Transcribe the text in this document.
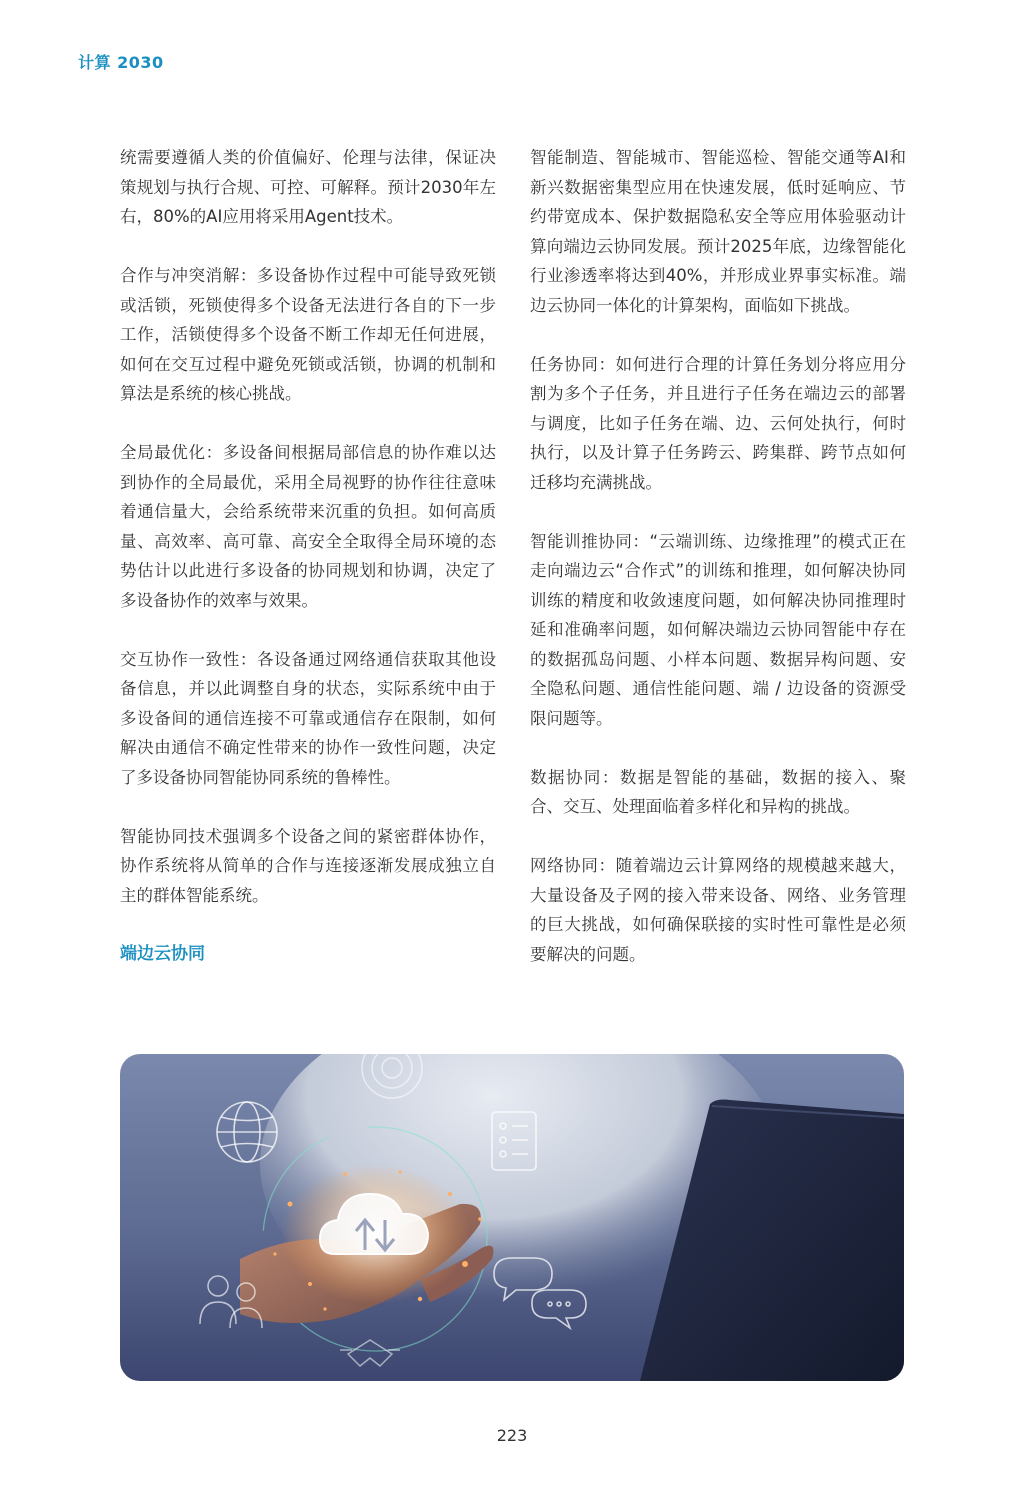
计算 2030

统需要遵循人类的价值偏好、伦理与法律，保证决策规划与执行合规、可控、可解释。预计2030年左右，80%的AI应用将采用Agent技术。

合作与冲突消解：多设备协作过程中可能导致死锁或活锁，死锁使得多个设备无法进行各自的下一步工作，活锁使得多个设备不断工作却无任何进展，如何在交互过程中避免死锁或活锁，协调的机制和算法是系统的核心挑战。

全局最优化：多设备间根据局部信息的协作难以达到协作的全局最优，采用全局视野的协作往往意味着通信量大，会给系统带来沉重的负担。如何高质量、高效率、高可靠、高安全全取得全局环境的态势估计以此进行多设备的协同规划和协调，决定了多设备协作的效率与效果。

交互协作一致性：各设备通过网络通信获取其他设备信息，并以此调整自身的状态，实际系统中由于多设备间的通信连接不可靠或通信存在限制，如何解决由通信不确定性带来的协作一致性问题，决定了多设备协同智能协同系统的鲁棒性。

智能协同技术强调多个设备之间的紧密群体协作，协作系统将从简单的合作与连接逐渐发展成独立自主的群体智能系统。

端边云协同

智能制造、智能城市、智能巡检、智能交通等AI和新兴数据密集型应用在快速发展，低时延响应、节约带宽成本、保护数据隐私安全等应用体验驱动计算向端边云协同发展。预计2025年底，边缘智能化行业渗透率将达到40%，并形成业界事实标准。端边云协同一体化的计算架构，面临如下挑战。

任务协同：如何进行合理的计算任务划分将应用分割为多个子任务，并且进行子任务在端边云的部署与调度，比如子任务在端、边、云何处执行，何时执行，以及计算子任务跨云、跨集群、跨节点如何迁移均充满挑战。

智能训推协同：“云端训练、边缘推理”的模式正在走向端边云“合作式”的训练和推理，如何解决协同训练的精度和收敛速度问题，如何解决协同推理时延和准确率问题，如何解决端边云协同智能中存在的数据孤岛问题、小样本问题、数据异构问题、安全隐私问题、通信性能问题、端 / 边设备的资源受限问题等。

数据协同：数据是智能的基础，数据的接入、聚合、交互、处理面临着多样化和异构的挑战。

网络协同：随着端边云计算网络的规模越来越大，大量设备及子网的接入带来设备、网络、业务管理的巨大挑战，如何确保联接的实时性可靠性是必须要解决的问题。

223
